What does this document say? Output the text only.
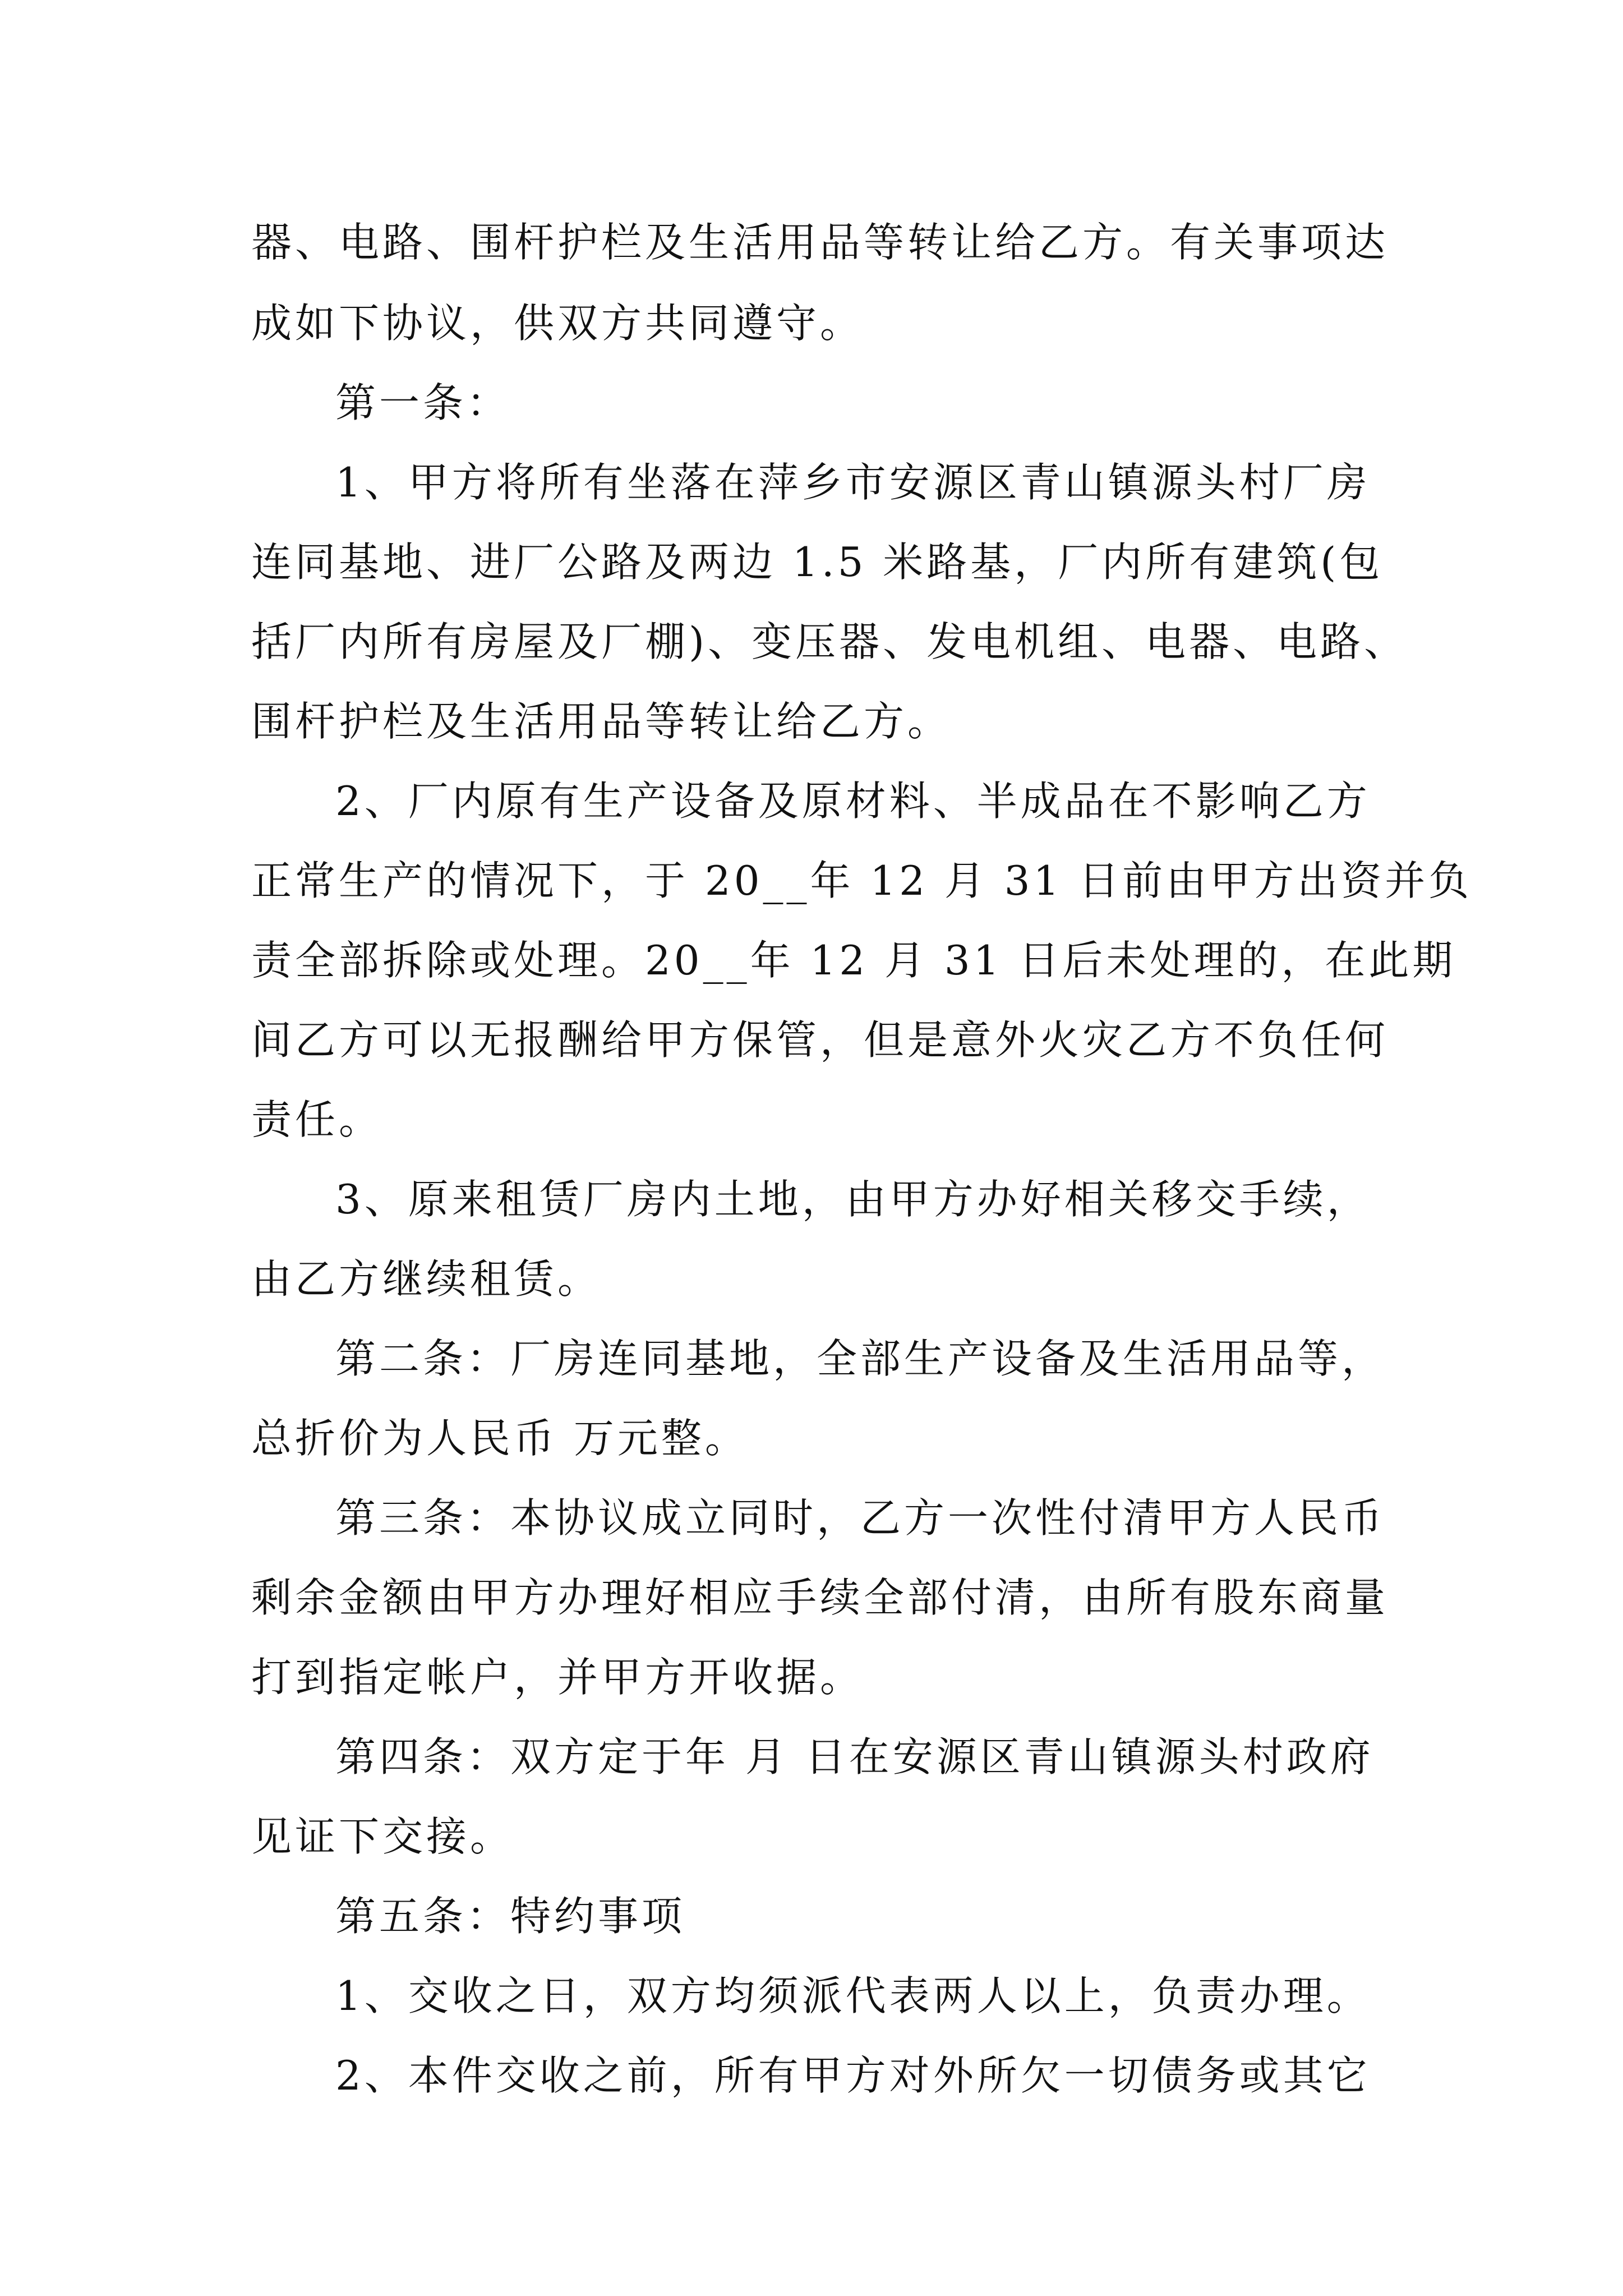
器、电路、围杆护栏及生活用品等转让给乙方。有关事项达
成如下协议，供双方共同遵守。
第一条：
1、甲方将所有坐落在萍乡市安源区青山镇源头村厂房
连同基地、进厂公路及两边 1.5 米路基，厂内所有建筑(包
括厂内所有房屋及厂棚)、变压器、发电机组、电器、电路、
围杆护栏及生活用品等转让给乙方。
2、厂内原有生产设备及原材料、半成品在不影响乙方
正常生产的情况下，于 20__年 12 月 31 日前由甲方出资并负
责全部拆除或处理。20__年 12 月 31 日后未处理的，在此期
间乙方可以无报酬给甲方保管，但是意外火灾乙方不负任何
责任。
3、原来租赁厂房内土地，由甲方办好相关移交手续，
由乙方继续租赁。
第二条：厂房连同基地，全部生产设备及生活用品等，
总折价为人民币 万元整。
第三条：本协议成立同时，乙方一次性付清甲方人民币
剩余金额由甲方办理好相应手续全部付清，由所有股东商量
打到指定帐户，并甲方开收据。
第四条：双方定于年 月 日在安源区青山镇源头村政府
见证下交接。
第五条：特约事项
1、交收之日，双方均须派代表两人以上，负责办理。
2、本件交收之前，所有甲方对外所欠一切债务或其它
